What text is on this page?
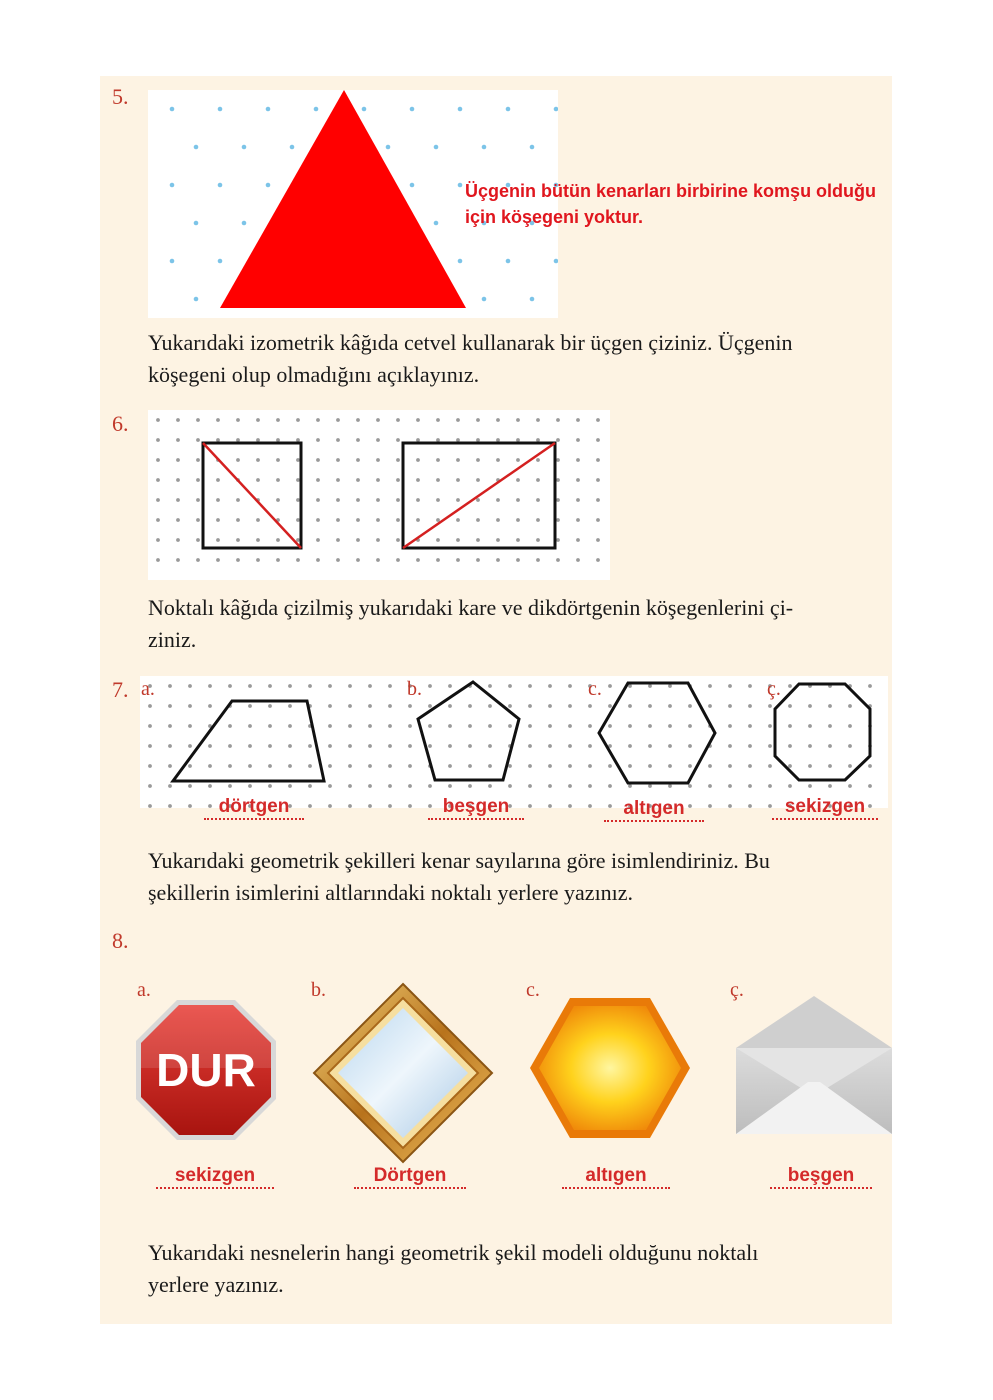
5.
Üçgenin bütün kenarları birbirine komşu olduğu
için köşegeni yoktur.
Yukarıdaki izometrik kâğıda cetvel kullanarak bir üçgen çiziniz. Üçgenin
köşegeni olup olmadığını açıklayınız.
6.
Noktalı kâğıda çizilmiş yukarıdaki kare ve dikdörtgenin köşegenlerini çi-
ziniz.
7. a.	b.	c.	ç.
dörtgen	beşgen	altıgen	sekizgen
Yukarıdaki geometrik şekilleri kenar sayılarına göre isimlendiriniz. Bu
şekillerin isimlerini altlarındaki noktalı yerlere yazınız.
8.
a.	b.	c.	ç.
DUR
sekizgen	Dörtgen	altıgen	beşgen
Yukarıdaki nesnelerin hangi geometrik şekil modeli olduğunu noktalı
yerlere yazınız.
